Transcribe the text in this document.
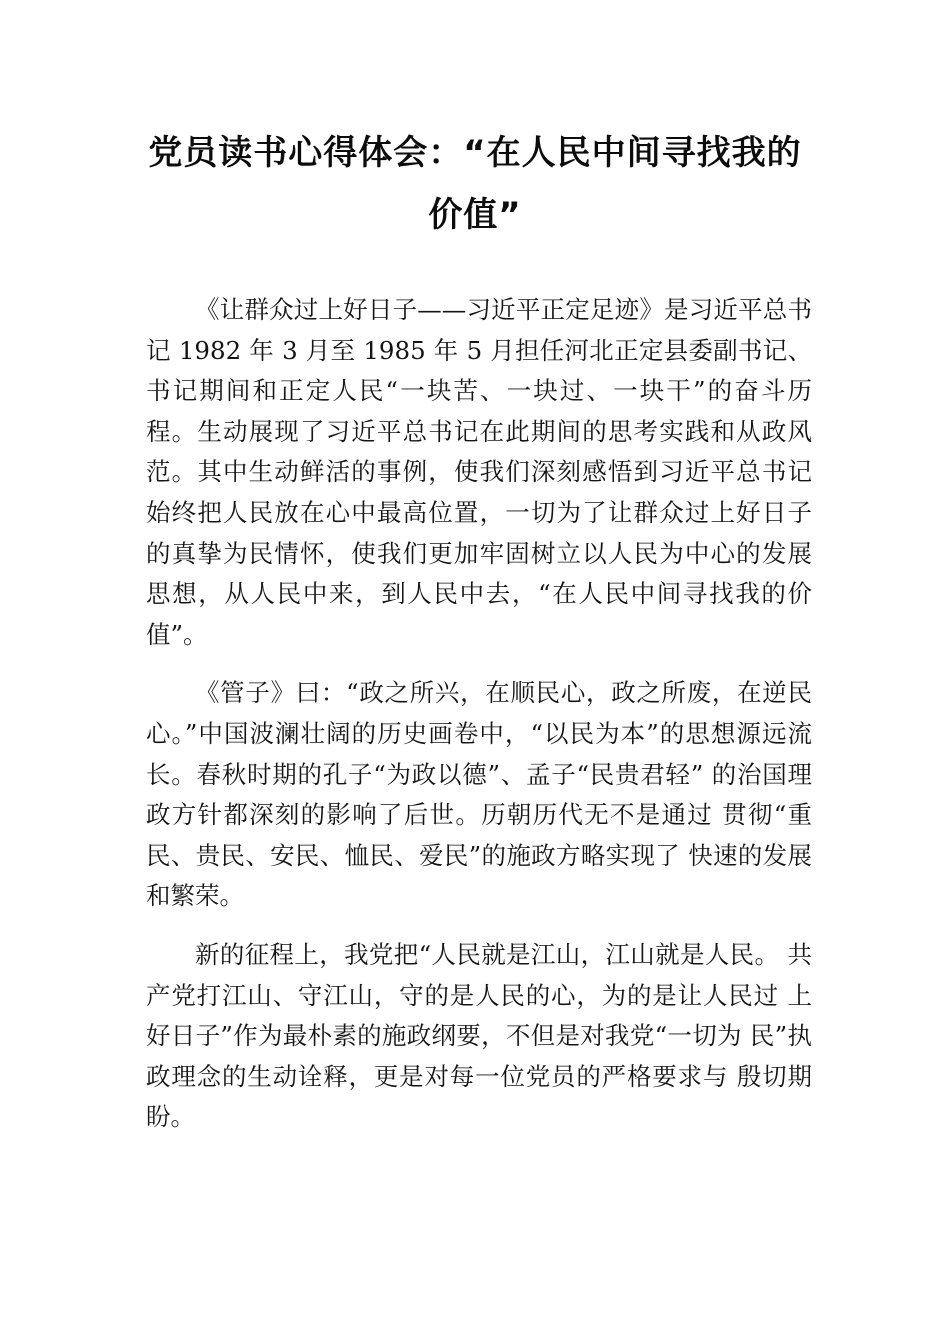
党员读书心得体会：“在人民中间寻找我的
价值”

《让群众过上好日子——习近平正定足迹》是习近平总书记 1982 年 3 月至 1985 年 5 月担任河北正定县委副书记、 书记期间和正定人民“一块苦、一块过、一块干”的奋斗历 程。生动展现了习近平总书记在此期间的思考实践和从政风 范。其中生动鲜活的事例，使我们深刻感悟到习近平总书记 始终把人民放在心中最高位置，一切为了让群众过上好日子 的真挚为民情怀，使我们更加牢固树立以人民为中心的发展 思想，从人民中来，到人民中去，“在人民中间寻找我的价 值”。

《管子》曰：“政之所兴，在顺民心，政之所废，在逆民心。”中国波澜壮阔的历史画卷中，“以民为本”的思想源远流长。春秋时期的孔子“为政以德”、孟子“民贵君轻” 的治国理政方针都深刻的影响了后世。历朝历代无不是通过 贯彻“重民、贵民、安民、恤民、爱民”的施政方略实现了 快速的发展和繁荣。

新的征程上，我党把“人民就是江山，江山就是人民。 共产党打江山、守江山，守的是人民的心，为的是让人民过 上好日子”作为最朴素的施政纲要，不但是对我党“一切为 民”执政理念的生动诠释，更是对每一位党员的严格要求与 殷切期盼。
